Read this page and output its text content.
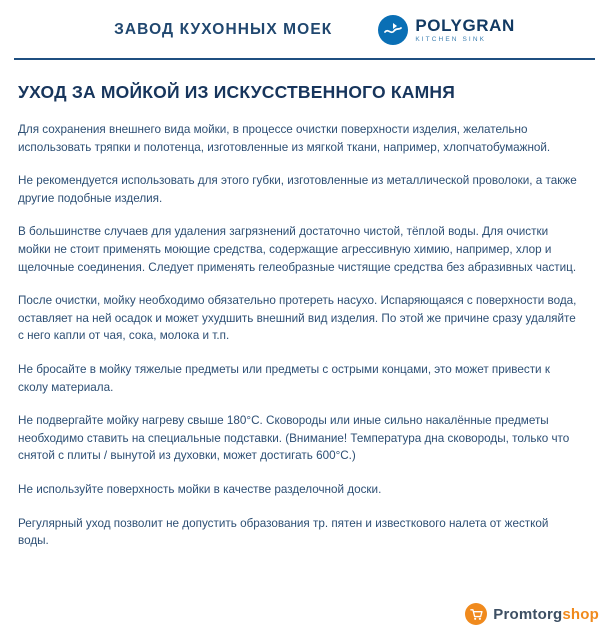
ЗАВОД КУХОННЫХ МОЕК	POLYGRAN
KITCHEN SINK
УХОД ЗА МОЙКОЙ ИЗ ИСКУССТВЕННОГО КАМНЯ

Для сохранения внешнего вида мойки, в процессе очистки поверхности изделия, желательно использовать тряпки и полотенца, изготовленные из мягкой ткани, например, хлопчатобумажной.

Не рекомендуется использовать для этого губки, изготовленные из металлической проволоки, а также другие подобные изделия.

В большинстве случаев для удаления загрязнений достаточно чистой, тёплой воды. Для очистки мойки не стоит применять моющие средства, содержащие агрессивную химию, например, хлор и щелочные соединения. Следует применять гелеобразные чистящие средства без абразивных частиц.

После очистки, мойку необходимо обязательно протереть насухо. Испаряющаяся с поверхности вода, оставляет на ней осадок и может ухудшить внешний вид изделия. По этой же причине сразу удаляйте с него капли от чая, сока, молока и т.п.

Не бросайте в мойку тяжелые предметы или предметы с острыми концами, это может привести к сколу материала.

Не подвергайте мойку нагреву свыше 180°С. Сковороды или иные сильно накалённые предметы необходимо ставить на специальные подставки. (Внимание! Температура дна сковороды, только что снятой с плиты / вынутой из духовки, может достигать 600°С.)

Не используйте поверхность мойки в качестве разделочной доски.

Регулярный уход позволит не допустить образования тр. пятен и известкового налета от жесткой воды.

Promtorgshop
